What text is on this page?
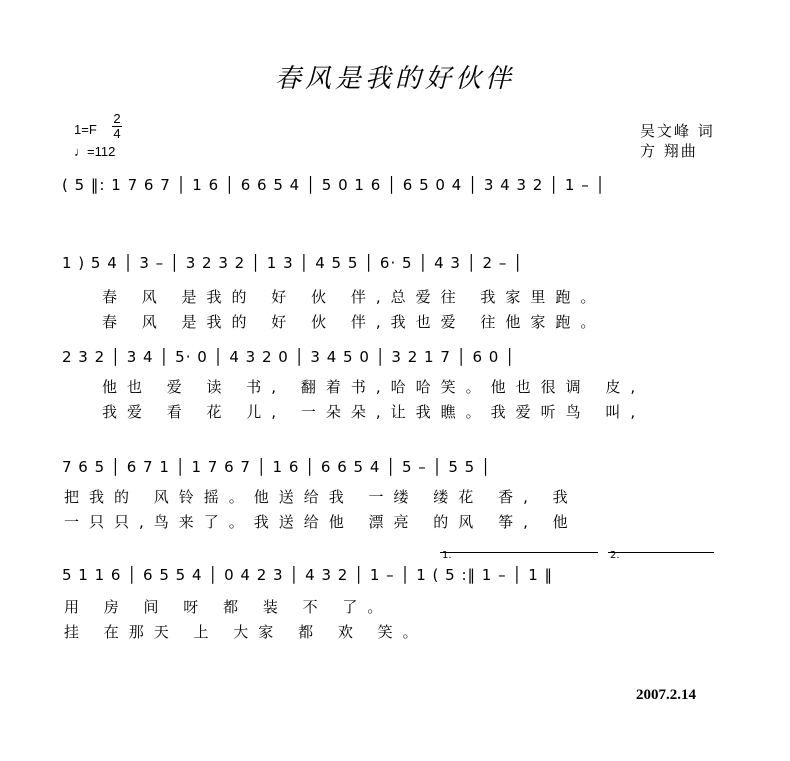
春风是我的好伙伴
1=F
2
4
♩=112
吴文峰 词
方 翔曲
( 5 ‖: 1 7 6 7 │ 1 6 │ 6 6 5 4 │ 5 0 1 6 │ 6 5 0 4 │ 3 4 3 2 │ 1 – │
1 ) 5 4 │ 3 – │ 3 2 3 2 │ 1 3 │ 4 5 5 │ 6· 5 │ 4 3 │ 2 – │
春 风 是我的 好 伙 伴,总爱往 我家里跑。
春 风 是我的 好 伙 伴,我也爱 往他家跑。
2 3 2 │ 3 4 │ 5· 0 │ 4 3 2 0 │ 3 4 5 0 │ 3 2 1 7 │ 6 0 │
他也 爱 读 书, 翻着书,哈哈笑。他也很调 皮,
我爱 看 花 儿, 一朵朵,让我瞧。我爱听鸟 叫,
7 6 5 │ 6 7 1 │ 1 7 6 7 │ 1 6 │ 6 6 5 4 │ 5 – │ 5 5 │
把我的 风铃摇。他送给我 一缕 缕花 香, 我
一只只,鸟来了。我送给他 漂亮 的风 筝, 他
1.	2.
5 1 1 6 │ 6 5 5 4 │ 0 4 2 3 │ 4 3 2 │ 1 – │ 1 ( 5 :‖ 1 – │ 1 ‖
用 房 间 呀 都 装 不 了。
挂 在那天 上 大家 都 欢 笑。
2007.2.14
